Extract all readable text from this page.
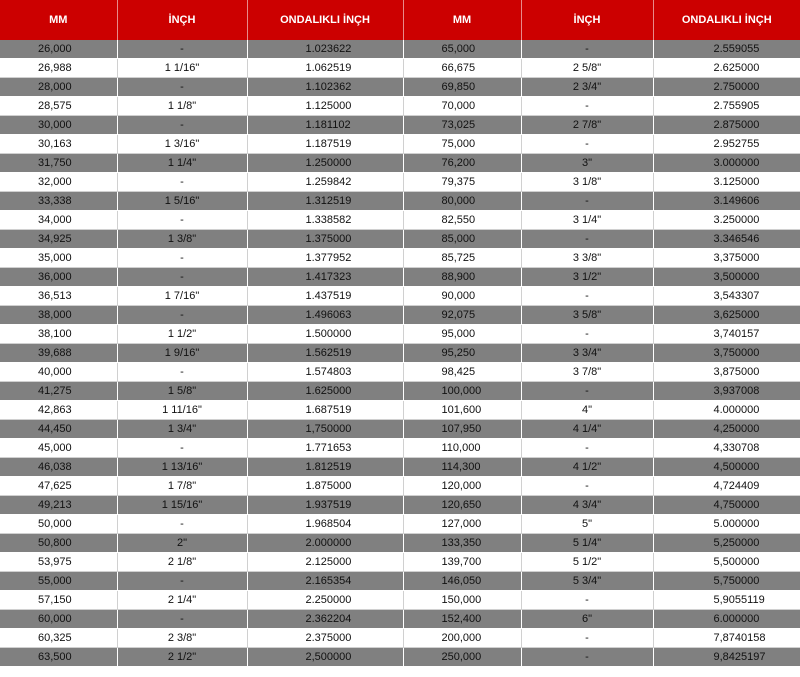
MM	İNÇH	ONDALIKLI İNÇH	MM	İNÇH	ONDALIKLI İNÇH
26,000	-	1.023622	65,000	-	2.559055
26,988	1 1/16"	1.062519	66,675	2 5/8"	2.625000
28,000	-	1.102362	69,850	2 3/4"	2.750000
28,575	1 1/8"	1.125000	70,000	-	2.755905
30,000	-	1.181102	73,025	2 7/8"	2.875000
30,163	1 3/16"	1.187519	75,000	-	2.952755
31,750	1 1/4"	1.250000	76,200	3"	3.000000
32,000	-	1.259842	79,375	3 1/8"	3.125000
33,338	1 5/16"	1.312519	80,000	-	3.149606
34,000	-	1.338582	82,550	3 1/4"	3.250000
34,925	1 3/8"	1.375000	85,000	-	3.346546
35,000	-	1.377952	85,725	3 3/8"	3,375000
36,000	-	1.417323	88,900	3 1/2"	3,500000
36,513	1 7/16"	1.437519	90,000	-	3,543307
38,000	-	1.496063	92,075	3 5/8"	3,625000
38,100	1 1/2"	1.500000	95,000	-	3,740157
39,688	1 9/16"	1.562519	95,250	3 3/4"	3,750000
40,000	-	1.574803	98,425	3 7/8"	3,875000
41,275	1 5/8"	1.625000	100,000	-	3,937008
42,863	1 11/16"	1.687519	101,600	4"	4.000000
44,450	1 3/4"	1,750000	107,950	4 1/4"	4,250000
45,000	-	1.771653	110,000	-	4,330708
46,038	1 13/16"	1.812519	114,300	4 1/2"	4,500000
47,625	1 7/8"	1.875000	120,000	-	4,724409
49,213	1 15/16"	1.937519	120,650	4 3/4"	4,750000
50,000	-	1.968504	127,000	5"	5.000000
50,800	2"	2.000000	133,350	5 1/4"	5,250000
53,975	2 1/8"	2.125000	139,700	5 1/2"	5,500000
55,000	-	2.165354	146,050	5 3/4"	5,750000
57,150	2 1/4"	2.250000	150,000	-	5,9055119
60,000	-	2.362204	152,400	6"	6.000000
60,325	2 3/8"	2.375000	200,000	-	7,8740158
63,500	2 1/2"	2,500000	250,000	-	9,8425197
